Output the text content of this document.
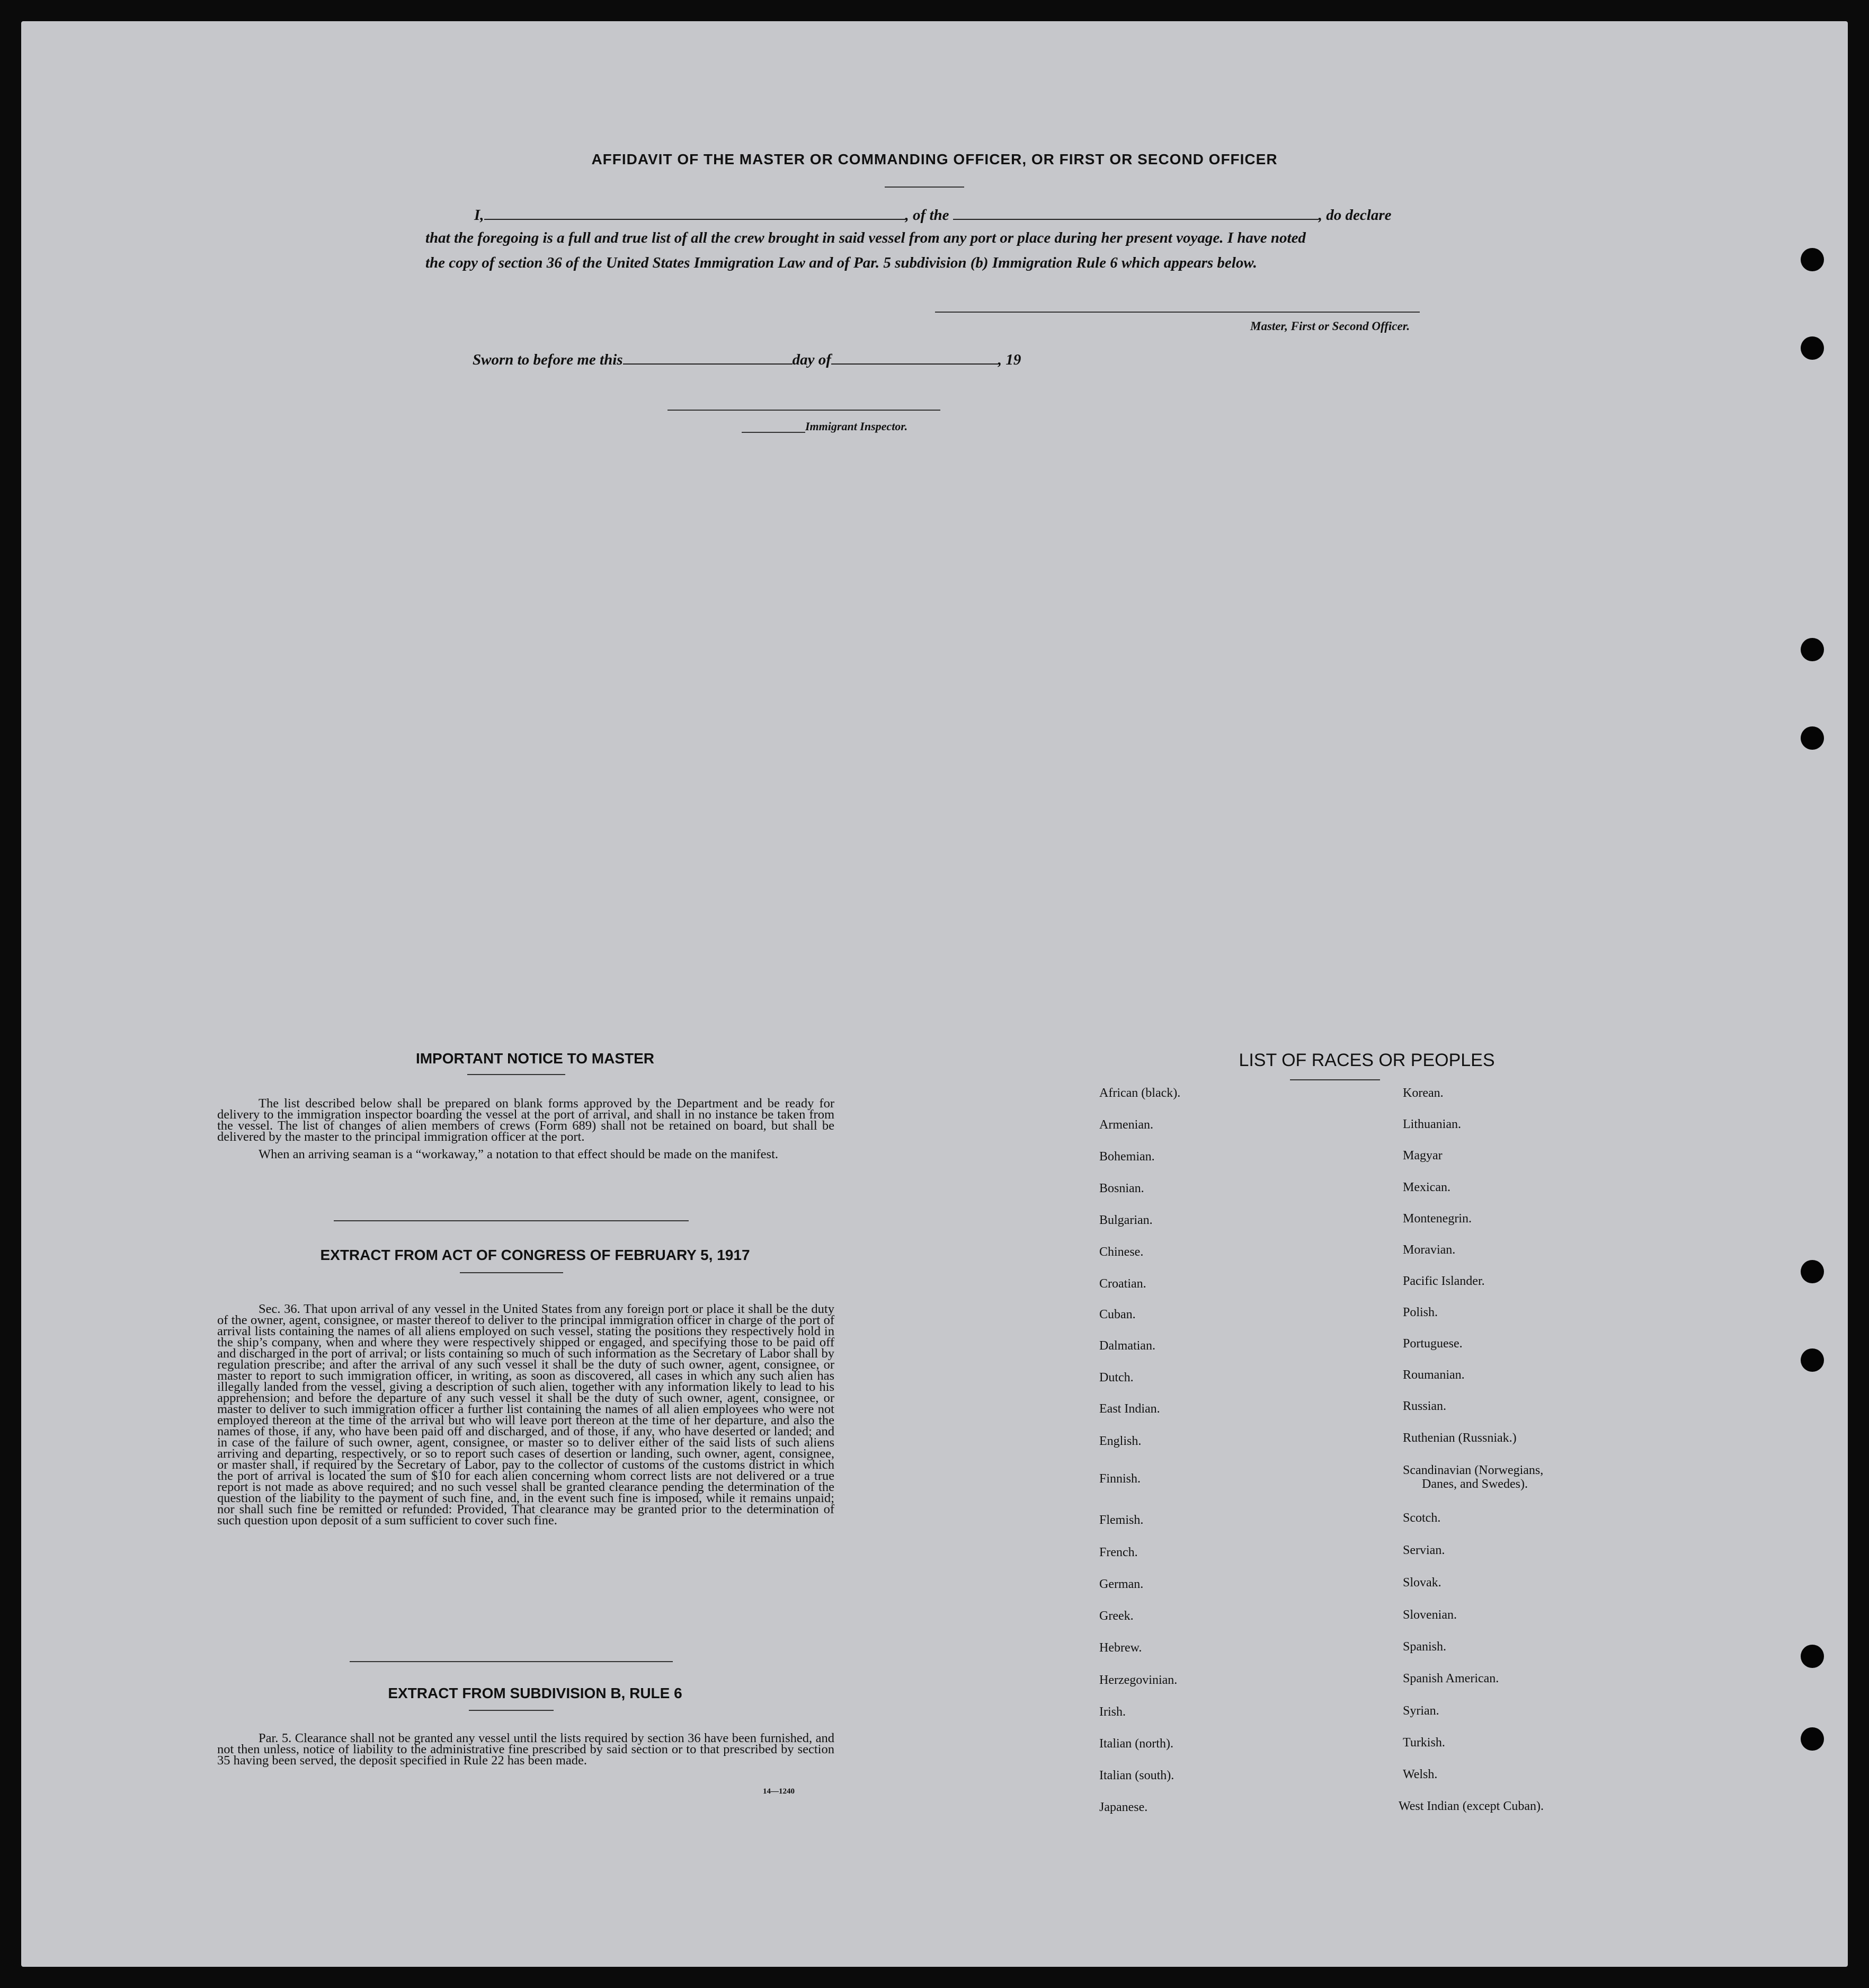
AFFIDAVIT OF THE MASTER OR COMMANDING OFFICER, OR FIRST OR SECOND OFFICER
I,	, of the	, do declare
that the foregoing is a full and true list of all the crew brought in said vessel from any port or place during her present voyage. I have noted
the copy of section 36 of the United States Immigration Law and of Par. 5 subdivision (b) Immigration Rule 6 which appears below.
Master, First or Second Officer.
Sworn to before me this	day of	, 19
Immigrant Inspector.
IMPORTANT NOTICE TO MASTER

The list described below shall be prepared on blank forms approved by the Department and be ready for delivery to the immigration inspector boarding the vessel at the port of arrival, and shall in no instance be taken from the vessel. The list of changes of alien members of crews (Form 689) shall not be retained on board, but shall be delivered by the master to the principal immigration officer at the port.

When an arriving seaman is a “workaway,” a notation to that effect should be made on the manifest.

EXTRACT FROM ACT OF CONGRESS OF FEBRUARY 5, 1917

Sec. 36. That upon arrival of any vessel in the United States from any foreign port or place it shall be the duty of the owner, agent, consignee, or master thereof to deliver to the principal immigration officer in charge of the port of arrival lists containing the names of all aliens employed on such vessel, stating the positions they respectively hold in the ship’s company, when and where they were respectively shipped or engaged, and specifying those to be paid off and discharged in the port of arrival; or lists containing so much of such information as the Secretary of Labor shall by regulation prescribe; and after the arrival of any such vessel it shall be the duty of such owner, agent, consignee, or master to report to such immigration officer, in writing, as soon as discovered, all cases in which any such alien has illegally landed from the vessel, giving a description of such alien, together with any information likely to lead to his apprehension; and before the departure of any such vessel it shall be the duty of such owner, agent, consignee, or master to deliver to such immigration officer a further list containing the names of all alien employees who were not employed thereon at the time of the arrival but who will leave port thereon at the time of her departure, and also the names of those, if any, who have been paid off and discharged, and of those, if any, who have deserted or landed; and in case of the failure of such owner, agent, consignee, or master so to deliver either of the said lists of such aliens arriving and departing, respectively, or so to report such cases of desertion or landing, such owner, agent, consignee, or master shall, if required by the Secretary of Labor, pay to the collector of customs of the customs district in which the port of arrival is located the sum of $10 for each alien concerning whom correct lists are not delivered or a true report is not made as above required; and no such vessel shall be granted clearance pending the determination of the question of the liability to the payment of such fine, and, in the event such fine is imposed, while it remains unpaid; nor shall such fine be remitted or refunded: Provided, That clearance may be granted prior to the determination of such question upon deposit of a sum sufficient to cover such fine.

EXTRACT FROM SUBDIVISION B, RULE 6

Par. 5. Clearance shall not be granted any vessel until the lists required by section 36 have been furnished, and not then unless, notice of liability to the administrative fine prescribed by said section or to that prescribed by section 35 having been served, the deposit specified in Rule 22 has been made.

14—1240
LIST OF RACES OR PEOPLES
African (black).
Armenian.
Bohemian.
Bosnian.
Bulgarian.
Chinese.
Croatian.
Cuban.
Dalmatian.
Dutch.
East Indian.
English.
Finnish.
Flemish.
French.
German.
Greek.
Hebrew.
Herzegovinian.
Irish.
Italian (north).
Italian (south).
Japanese.
Korean.
Lithuanian.
Magyar
Mexican.
Montenegrin.
Moravian.
Pacific Islander.
Polish.
Portuguese.
Roumanian.
Russian.
Ruthenian (Russniak.)
Scandinavian (Norwegians,
Danes, and Swedes).
Scotch.
Servian.
Slovak.
Slovenian.
Spanish.
Spanish American.
Syrian.
Turkish.
Welsh.
West Indian (except Cuban).
